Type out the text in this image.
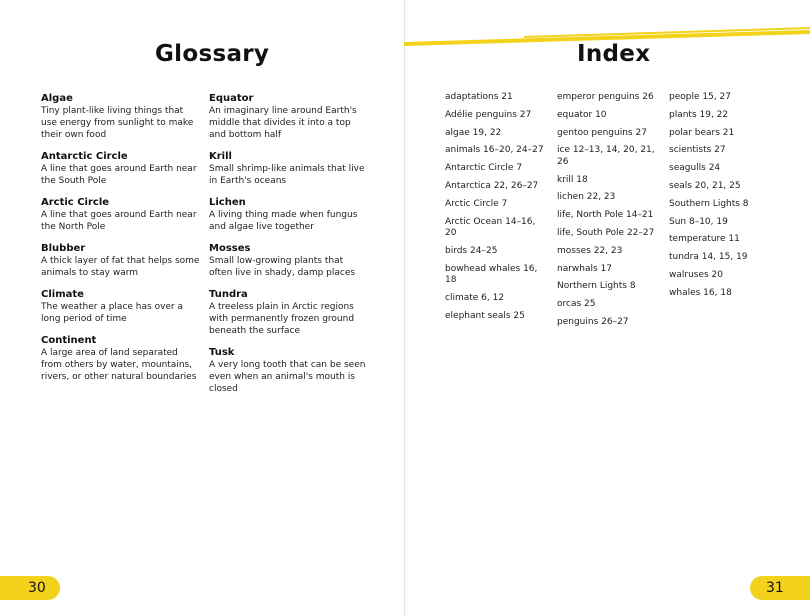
Glossary	Index
Algae
Tiny plant-like living things that use energy from sunlight to make their own food
Antarctic Circle
A line that goes around Earth near the South Pole
Arctic Circle
A line that goes around Earth near the North Pole
Blubber
A thick layer of fat that helps some animals to stay warm
Climate
The weather a place has over a long period of time
Continent
A large area of land separated from others by water, mountains, rivers, or other natural boundaries
Equator
An imaginary line around Earth's middle that divides it into a top and bottom half
Krill
Small shrimp-like animals that live in Earth's oceans
Lichen
A living thing made when fungus and algae live together
Mosses
Small low-growing plants that often live in shady, damp places
Tundra
A treeless plain in Arctic regions with permanently frozen ground beneath the surface
Tusk
A very long tooth that can be seen even when an animal's mouth is closed
adaptations 21
Adélie penguins 27
algae 19, 22
animals 16–20, 24–27
Antarctic Circle 7
Antarctica 22, 26–27
Arctic Circle 7
Arctic Ocean 14–16, 20
birds 24–25
bowhead whales 16, 18
climate 6, 12
elephant seals 25
emperor penguins 26
equator 10
gentoo penguins 27
ice 12–13, 14, 20, 21, 26
krill 18
lichen 22, 23
life, North Pole 14–21
life, South Pole 22–27
mosses 22, 23
narwhals 17
Northern Lights 8
orcas 25
penguins 26–27
people 15, 27
plants 19, 22
polar bears 21
scientists 27
seagulls 24
seals 20, 21, 25
Southern Lights 8
Sun 8–10, 19
temperature 11
tundra 14, 15, 19
walruses 20
whales 16, 18
30	31
